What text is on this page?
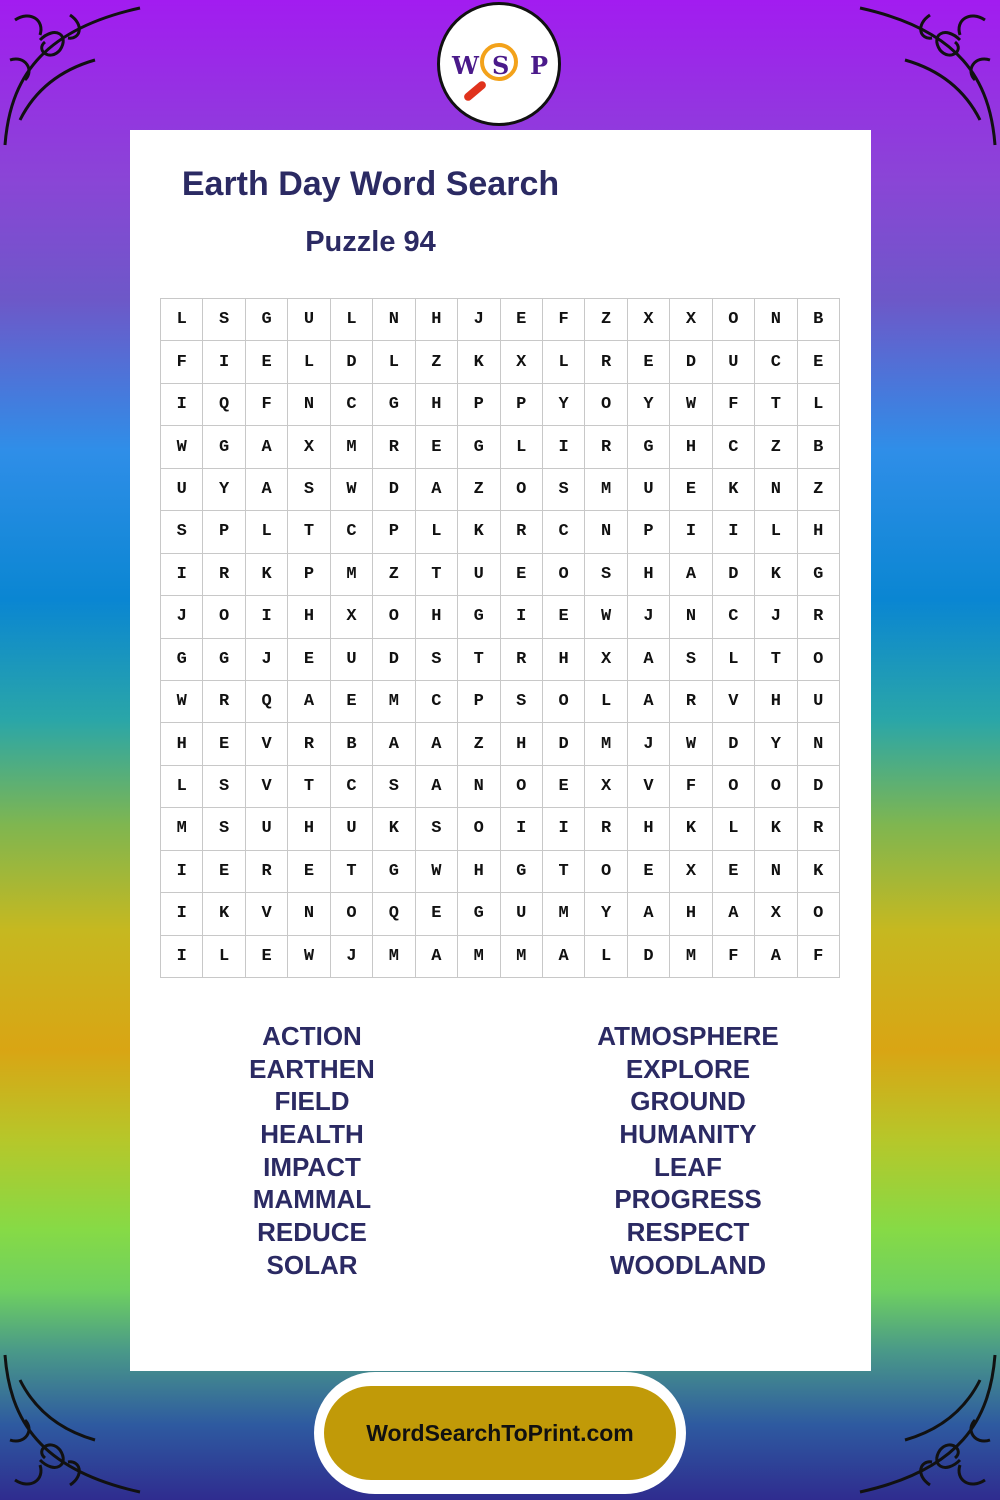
W S P
Earth Day Word Search
Puzzle 94
L	S	G	U	L	N	H	J	E	F	Z	X	X	O	N	B
F	I	E	L	D	L	Z	K	X	L	R	E	D	U	C	E
I	Q	F	N	C	G	H	P	P	Y	O	Y	W	F	T	L
W	G	A	X	M	R	E	G	L	I	R	G	H	C	Z	B
U	Y	A	S	W	D	A	Z	O	S	M	U	E	K	N	Z
S	P	L	T	C	P	L	K	R	C	N	P	I	I	L	H
I	R	K	P	M	Z	T	U	E	O	S	H	A	D	K	G
J	O	I	H	X	O	H	G	I	E	W	J	N	C	J	R
G	G	J	E	U	D	S	T	R	H	X	A	S	L	T	O
W	R	Q	A	E	M	C	P	S	O	L	A	R	V	H	U
H	E	V	R	B	A	A	Z	H	D	M	J	W	D	Y	N
L	S	V	T	C	S	A	N	O	E	X	V	F	O	O	D
M	S	U	H	U	K	S	O	I	I	R	H	K	L	K	R
I	E	R	E	T	G	W	H	G	T	O	E	X	E	N	K
I	K	V	N	O	Q	E	G	U	M	Y	A	H	A	X	O
I	L	E	W	J	M	A	M	M	A	L	D	M	F	A	F
ACTION
EARTHEN
FIELD
HEALTH
IMPACT
MAMMAL
REDUCE
SOLAR
ATMOSPHERE
EXPLORE
GROUND
HUMANITY
LEAF
PROGRESS
RESPECT
WOODLAND
WordSearchToPrint.com
